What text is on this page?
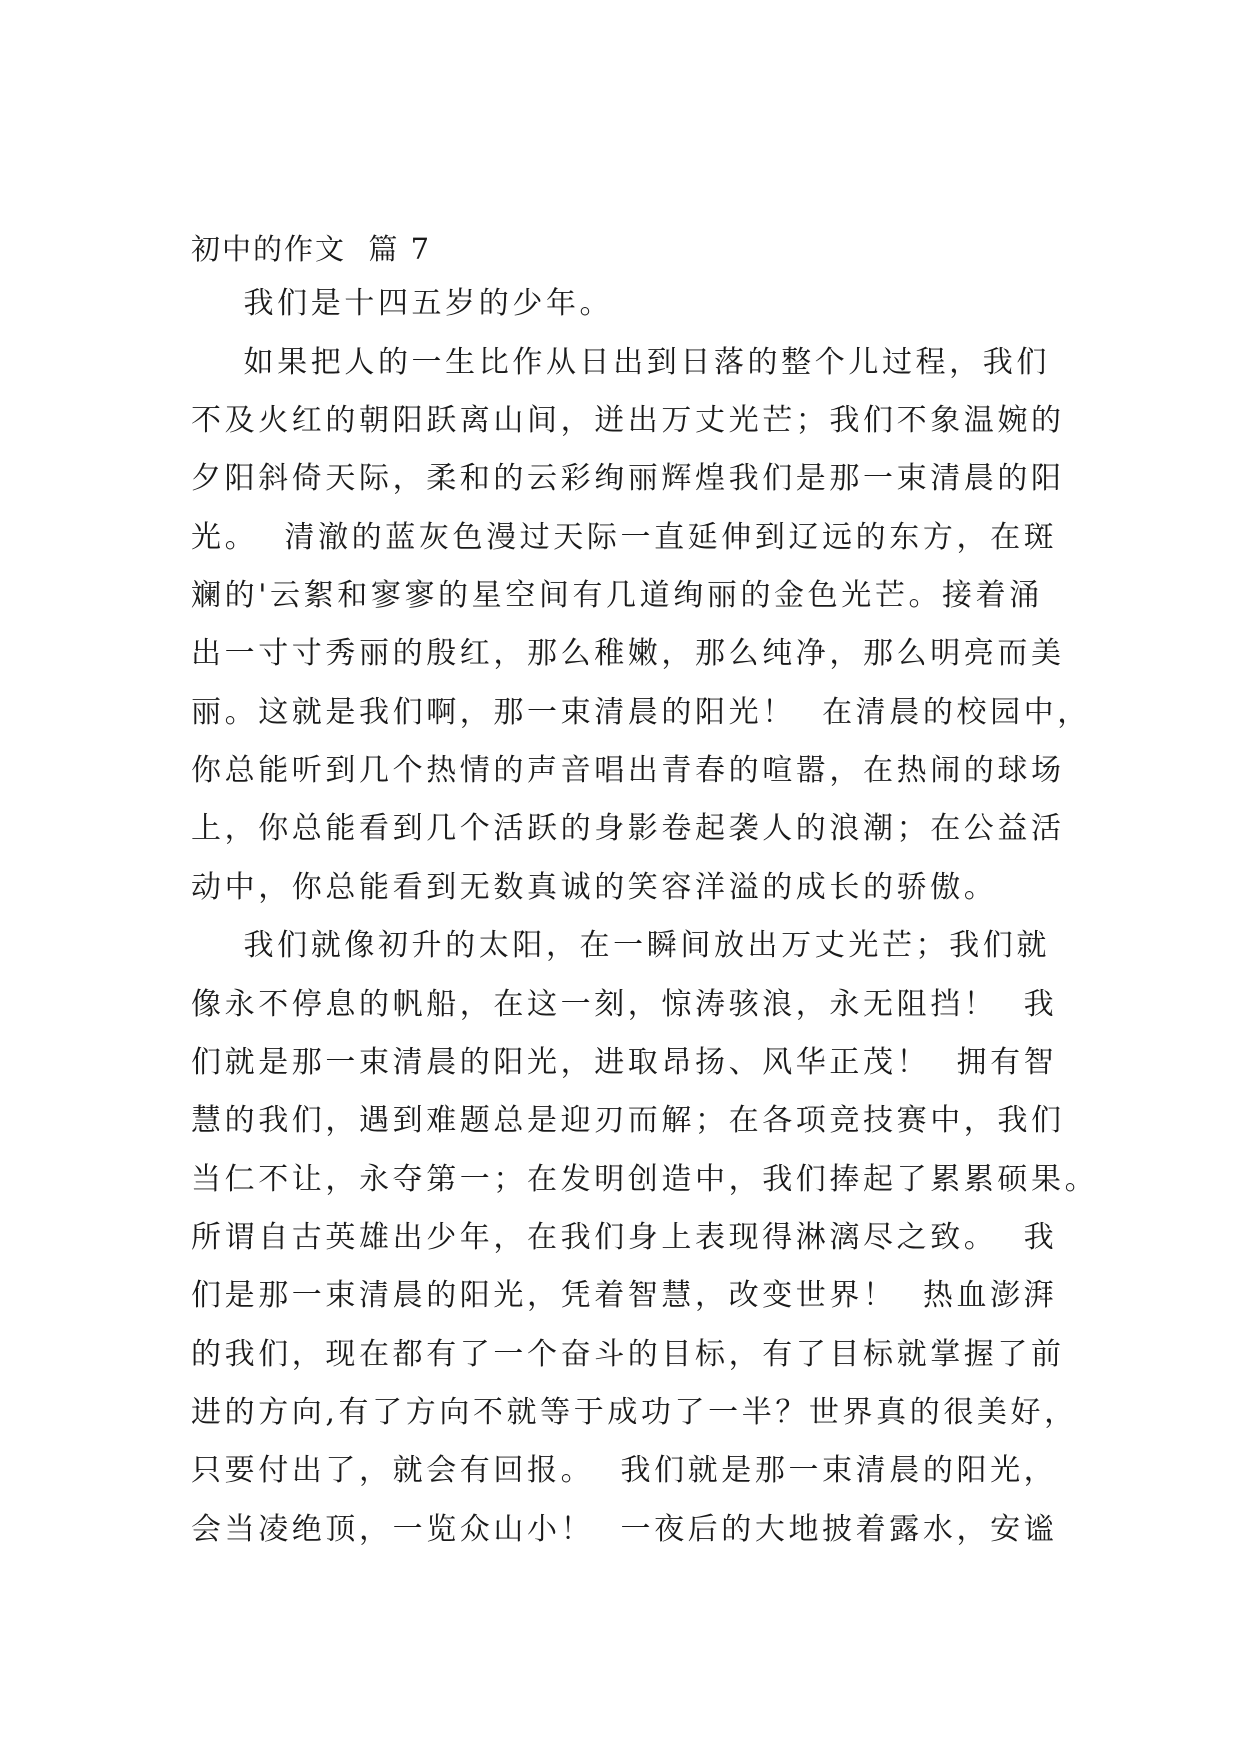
初中的作文  篇 7
我们是十四五岁的少年。
如果把人的一生比作从日出到日落的整个儿过程，我们
不及火红的朝阳跃离山间，迸出万丈光芒；我们不象温婉的
夕阳斜倚天际，柔和的云彩绚丽辉煌我们是那一束清晨的阳
光。  清澈的蓝灰色漫过天际一直延伸到辽远的东方，在斑
斓的'云絮和寥寥的星空间有几道绚丽的金色光芒。接着涌
出一寸寸秀丽的殷红，那么稚嫩，那么纯净，那么明亮而美
丽。这就是我们啊，那一束清晨的阳光！  在清晨的校园中，
你总能听到几个热情的声音唱出青春的喧嚣，在热闹的球场
上，你总能看到几个活跃的身影卷起袭人的浪潮；在公益活
动中，你总能看到无数真诚的笑容洋溢的成长的骄傲。
我们就像初升的太阳，在一瞬间放出万丈光芒；我们就
像永不停息的帆船，在这一刻，惊涛骇浪，永无阻挡！  我
们就是那一束清晨的阳光，进取昂扬、风华正茂！  拥有智
慧的我们，遇到难题总是迎刃而解；在各项竞技赛中，我们
当仁不让，永夺第一；在发明创造中，我们捧起了累累硕果。
所谓自古英雄出少年，在我们身上表现得淋漓尽之致。  我
们是那一束清晨的阳光，凭着智慧，改变世界！  热血澎湃
的我们，现在都有了一个奋斗的目标，有了目标就掌握了前
进的方向,有了方向不就等于成功了一半？世界真的很美好，
只要付出了，就会有回报。  我们就是那一束清晨的阳光，
会当凌绝顶，一览众山小！  一夜后的大地披着露水，安谧
